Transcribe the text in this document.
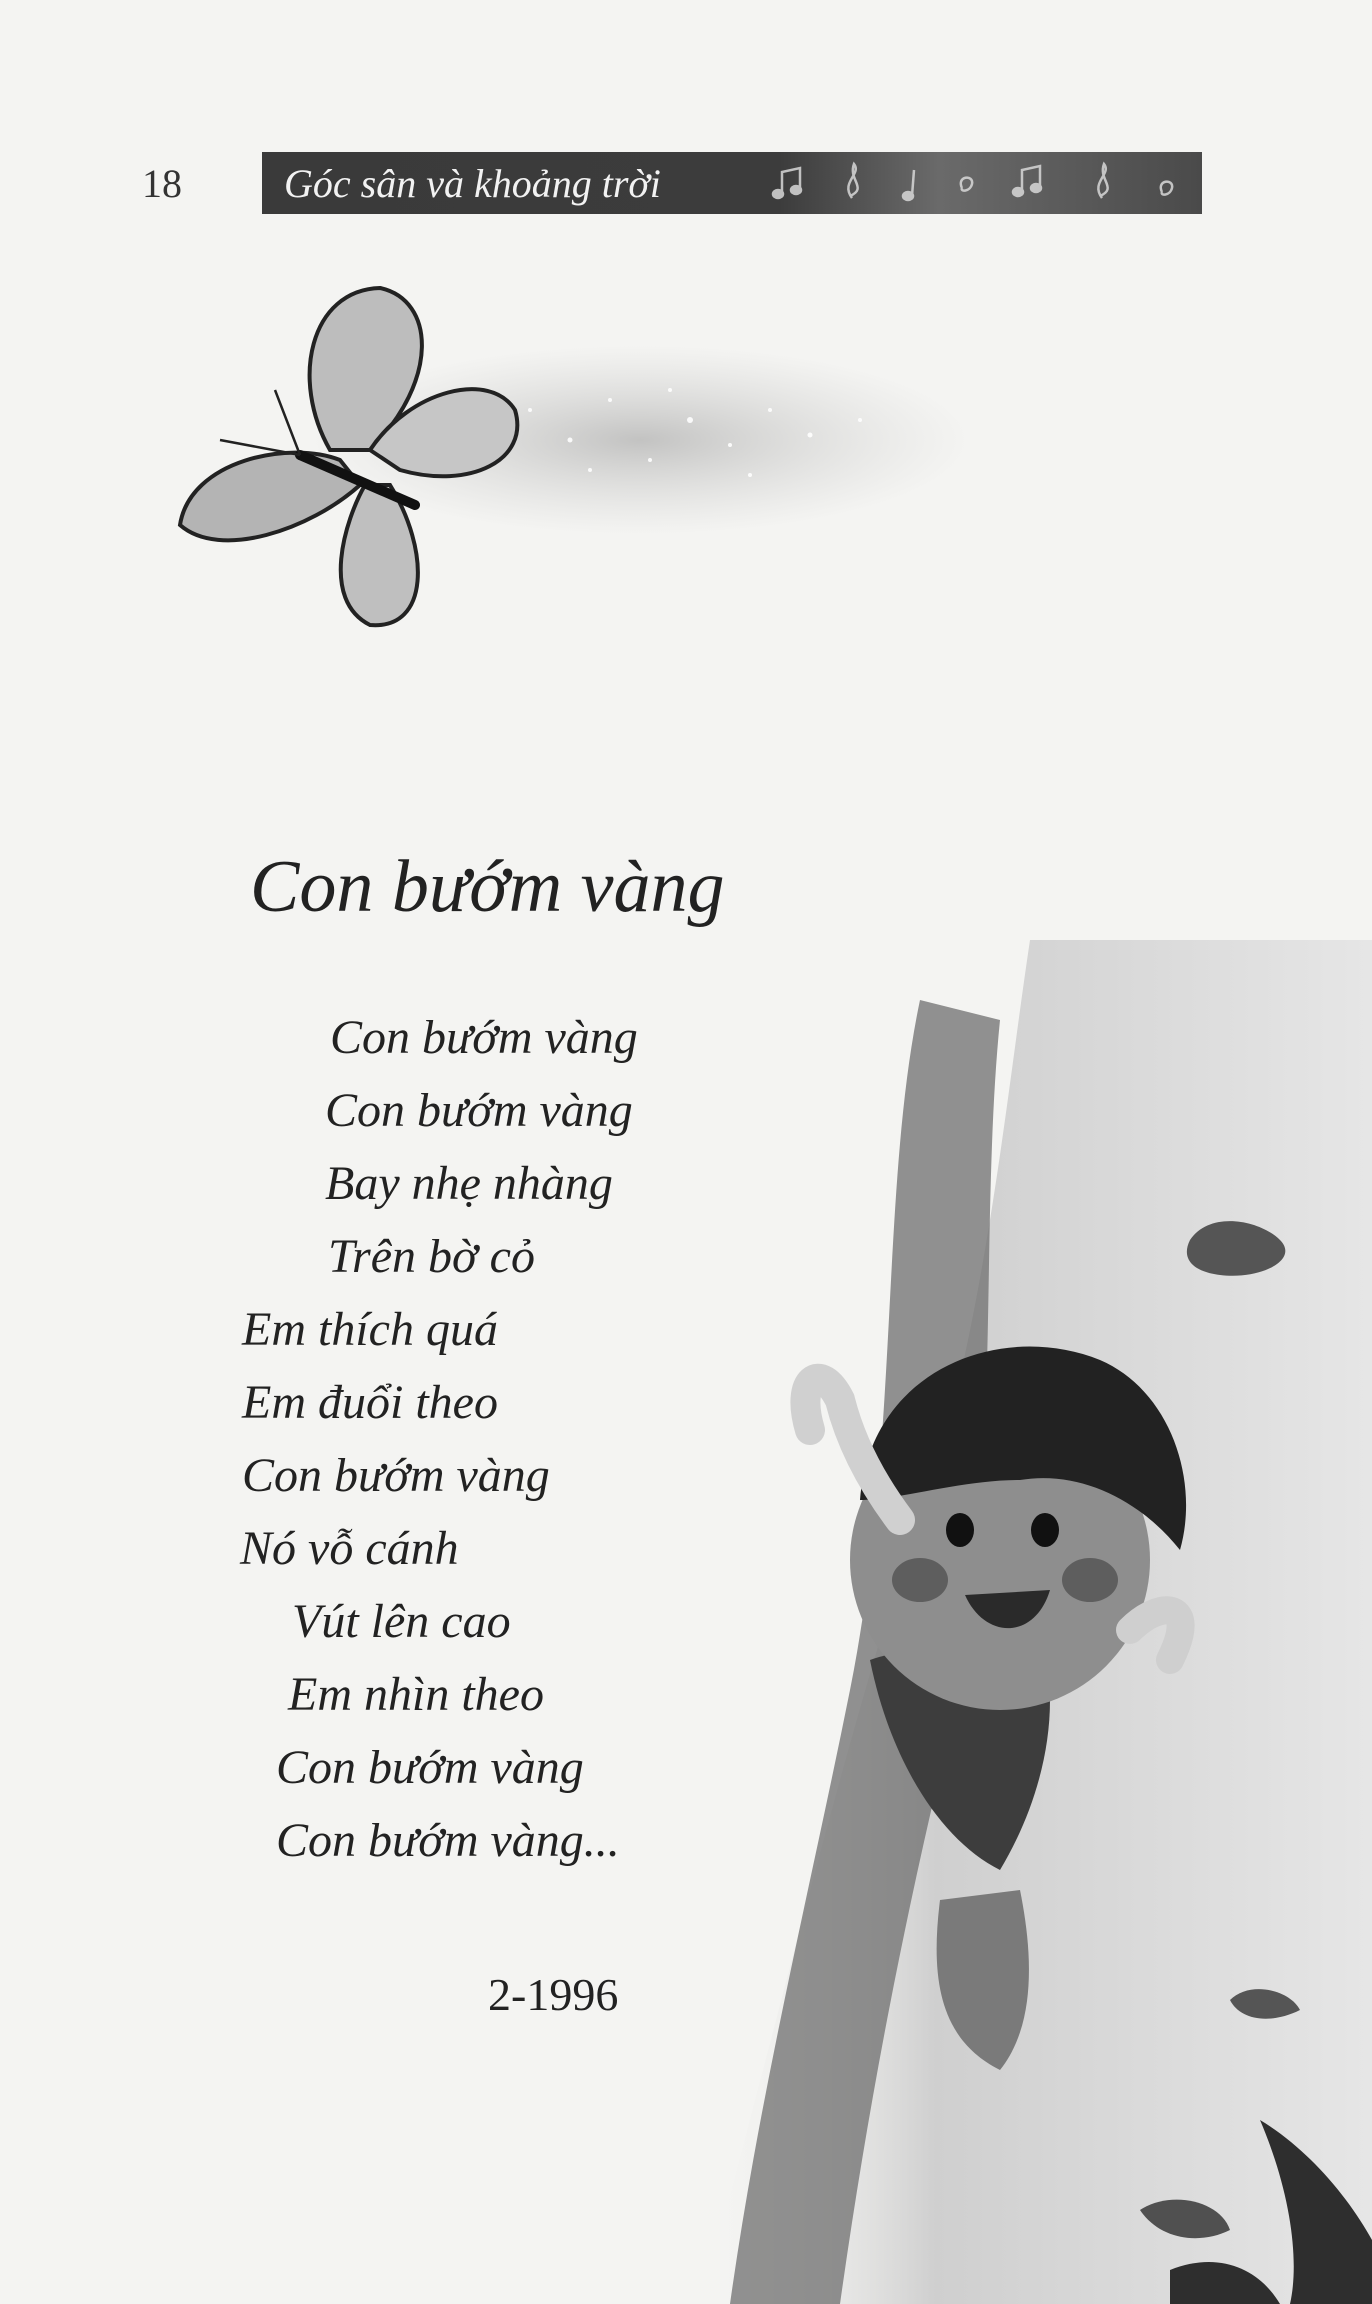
18	Góc sân và khoảng trời
Con bướm vàng
Con bướm vàng
Con bướm vàng
Bay nhẹ nhàng
Trên bờ cỏ
Em thích quá
Em đuổi theo
Con bướm vàng
Nó vỗ cánh
Vút lên cao
Em nhìn theo
Con bướm vàng
Con bướm vàng...
2-1996
